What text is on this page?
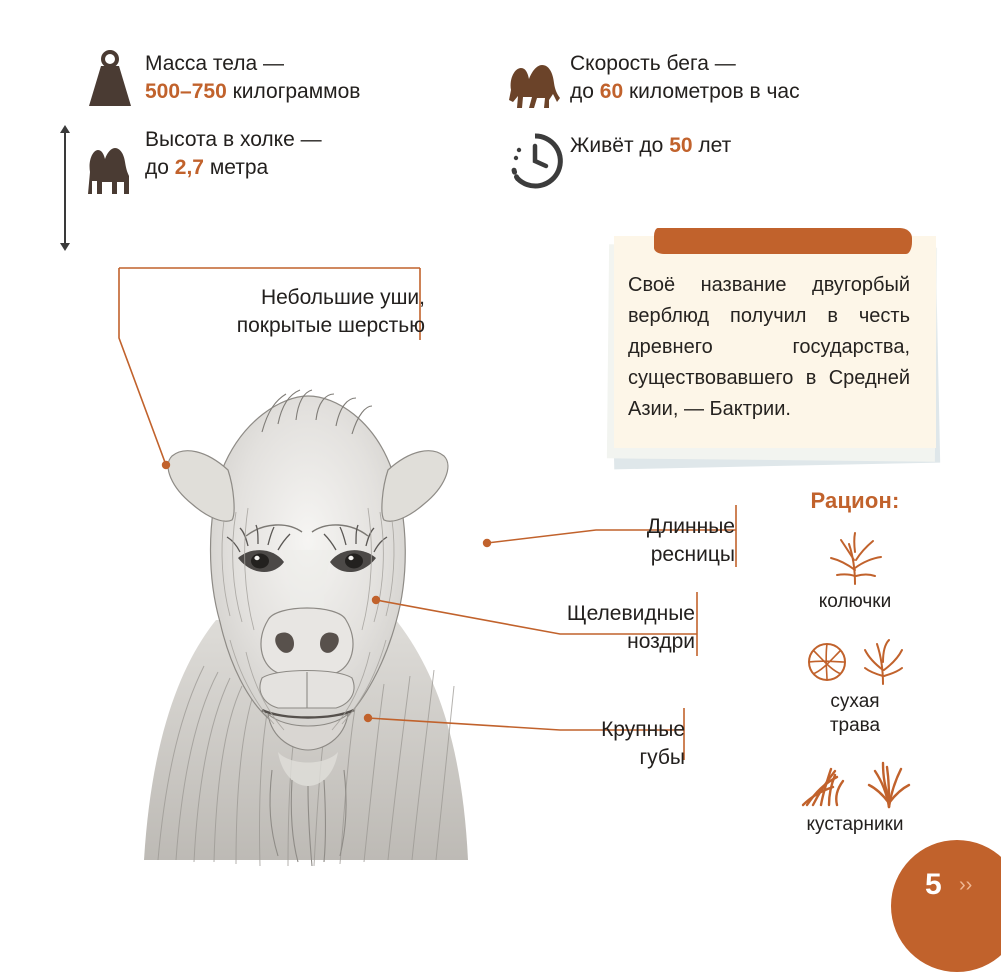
Масса тела —
500–750 килограммов
Высота в холке —
до 2,7 метра
Скорость бега —
до 60 километров в час
Живёт до 50 лет
Своё название двугорбый верблюд получил в честь древнего государства, существовавшего в Средней Азии, — Бактрии.
Небольшие уши,
покрытые шерстью
Длинные
ресницы
Щелевидные
ноздри
Крупные
губы
Рацион:
колючки
сухая
трава
кустарники
5 ››
